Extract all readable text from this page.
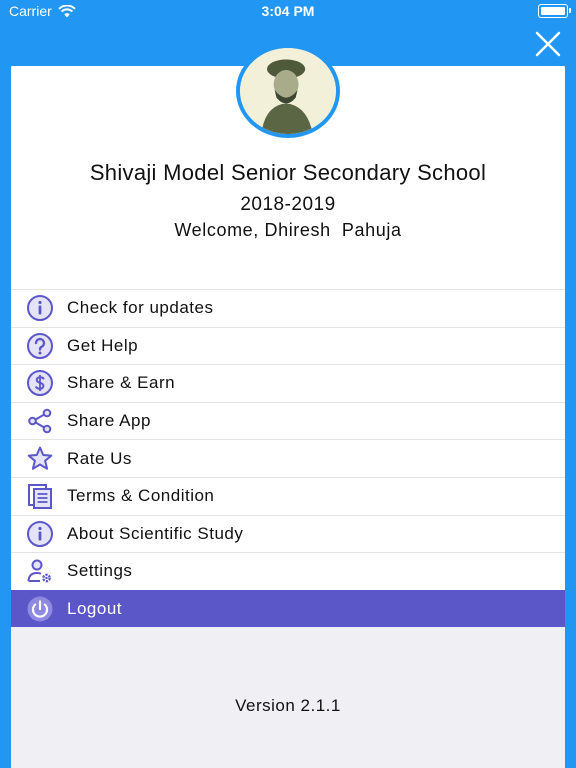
Carrier	3:04 PM
Shivaji Model Senior Secondary School
2018-2019
Welcome, Dhiresh  Pahuja
Check for updates
Get Help
Share & Earn
Share App
Rate Us
Terms & Condition
About Scientific Study
Settings
Logout
Version 2.1.1
